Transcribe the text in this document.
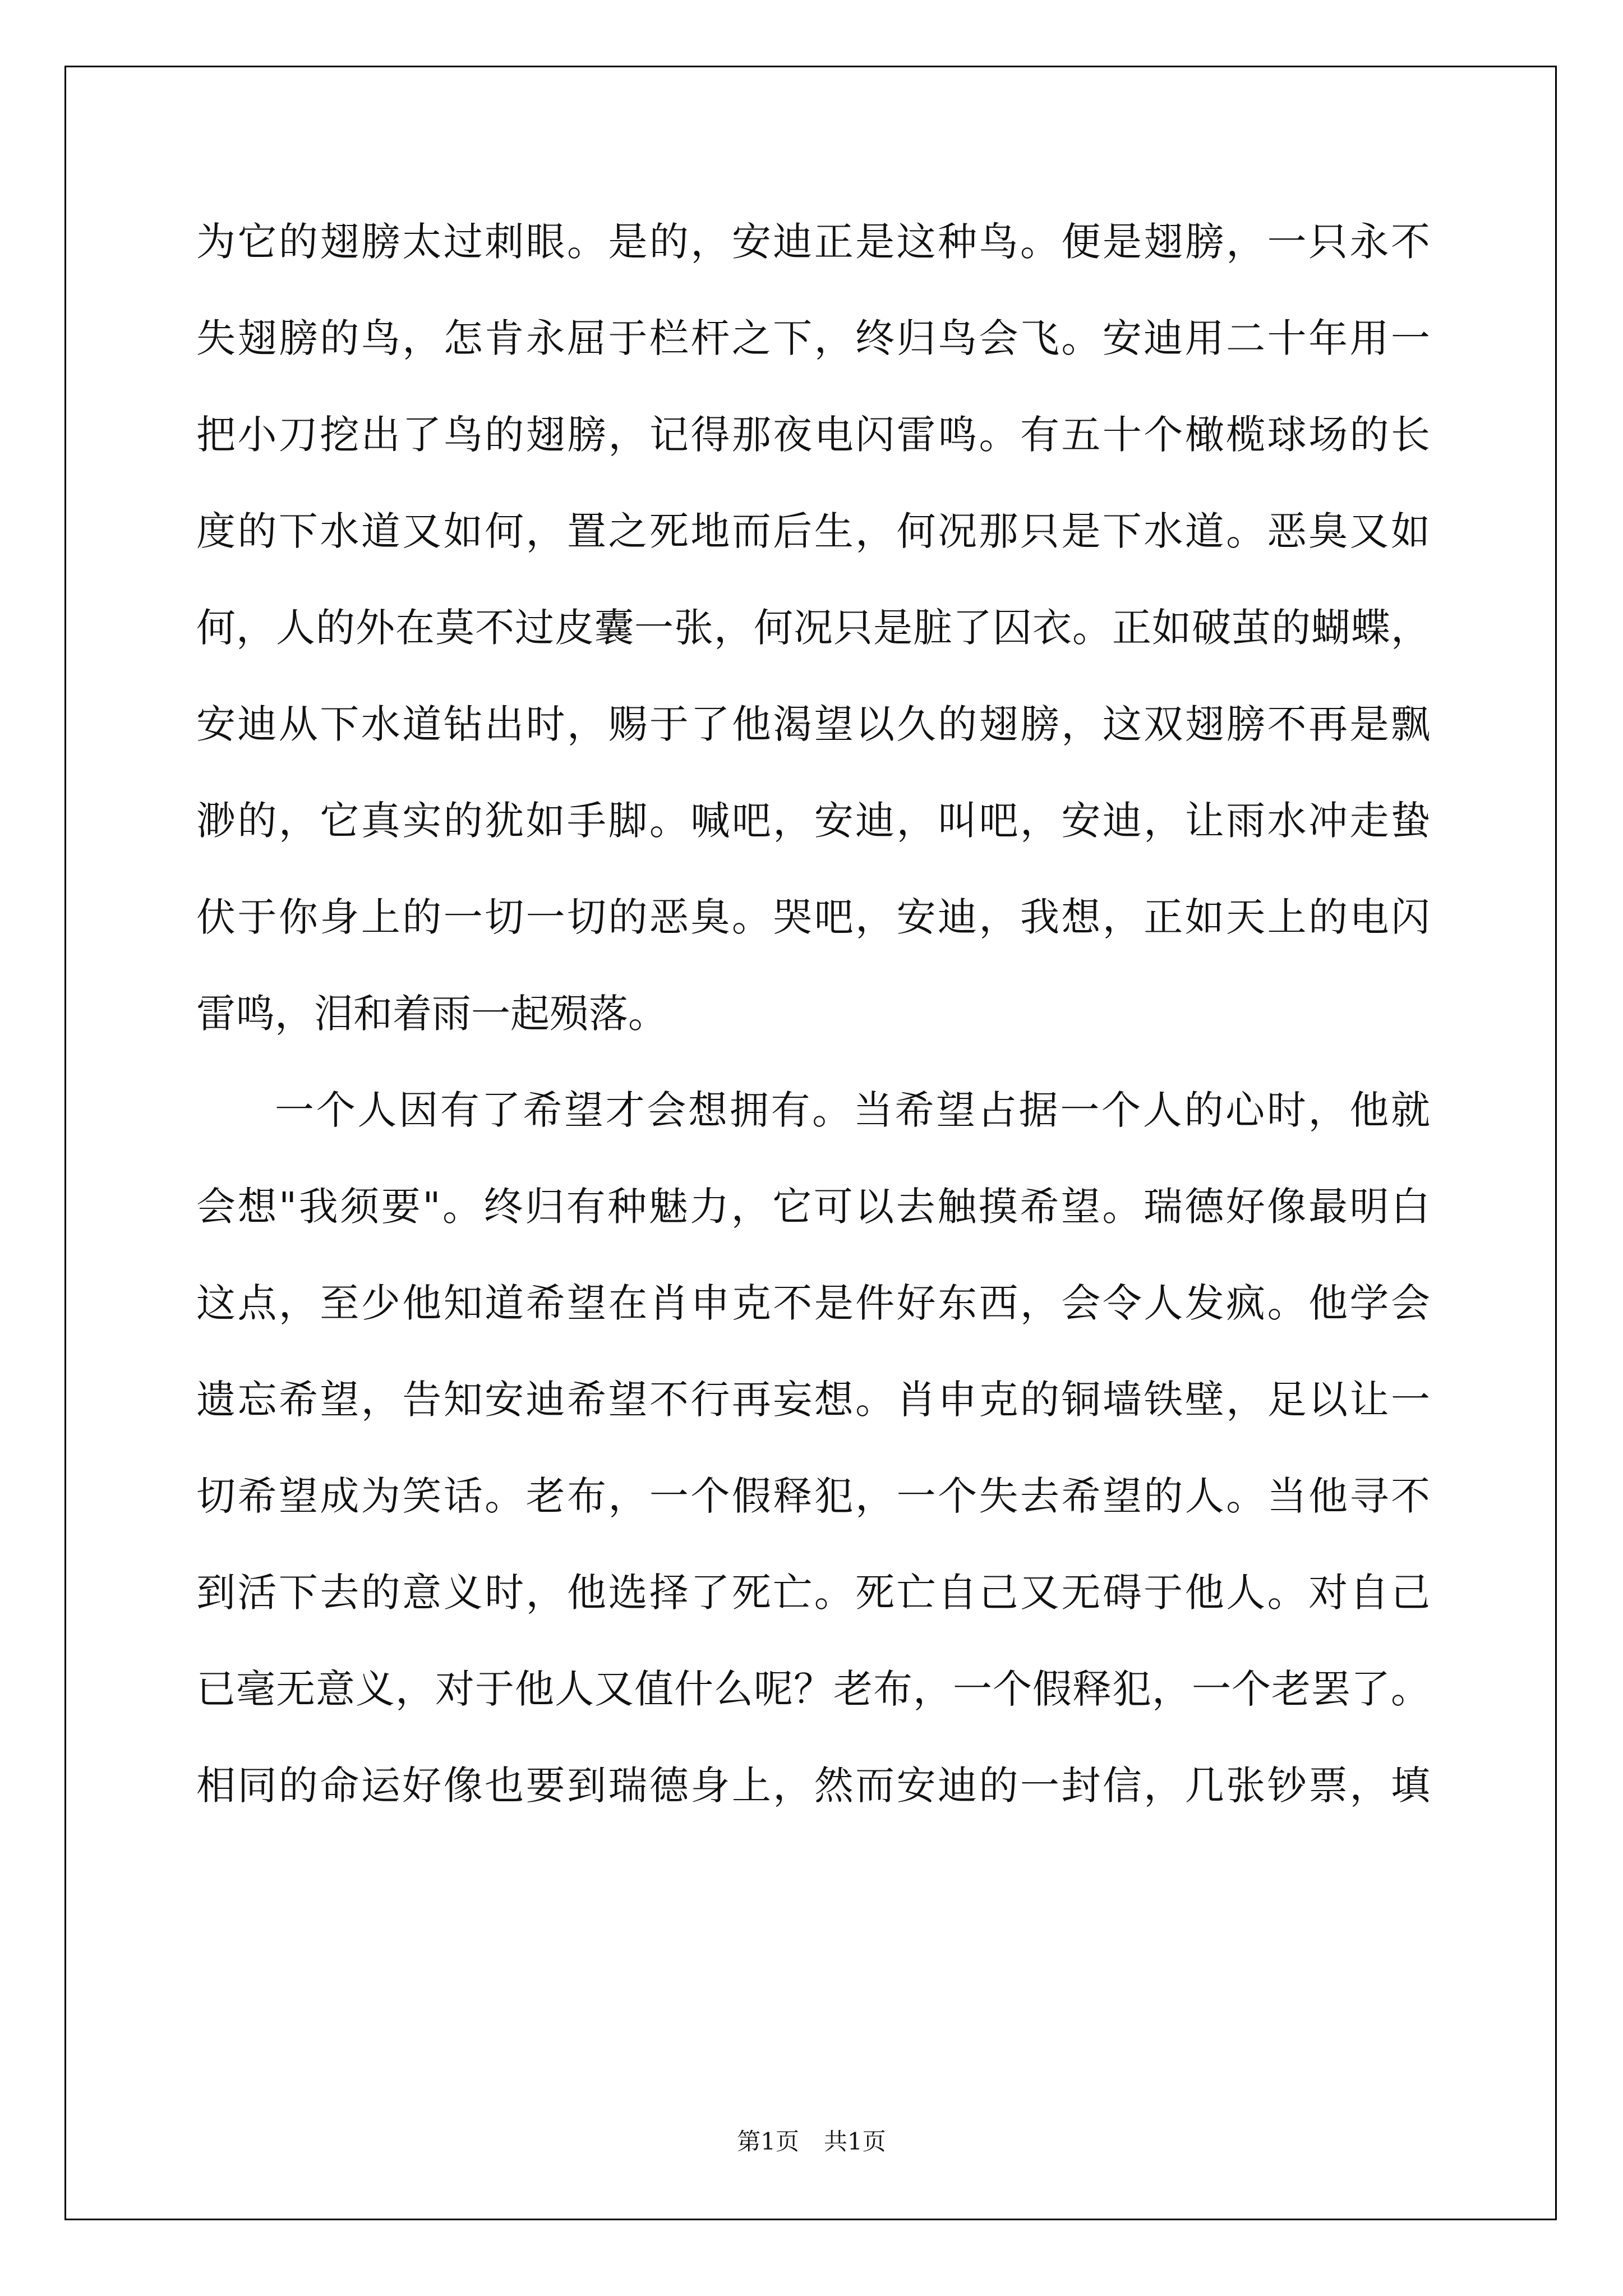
为它的翅膀太过刺眼。是的，安迪正是这种鸟。便是翅膀，一只永不
失翅膀的鸟，怎肯永屈于栏杆之下，终归鸟会飞。安迪用二十年用一
把小刀挖出了鸟的翅膀，记得那夜电闪雷鸣。有五十个橄榄球场的长
度的下水道又如何，置之死地而后生，何况那只是下水道。恶臭又如
何，人的外在莫不过皮囊一张，何况只是脏了囚衣。正如破茧的蝴蝶，
安迪从下水道钻出时，赐于了他渴望以久的翅膀，这双翅膀不再是飘
渺的，它真实的犹如手脚。喊吧，安迪，叫吧，安迪，让雨水冲走蛰
伏于你身上的一切一切的恶臭。哭吧，安迪，我想，正如天上的电闪
雷鸣，泪和着雨一起殒落。
一个人因有了希望才会想拥有。当希望占据一个人的心时，他就
会想"我须要"。终归有种魅力，它可以去触摸希望。瑞德好像最明白
这点，至少他知道希望在肖申克不是件好东西，会令人发疯。他学会
遗忘希望，告知安迪希望不行再妄想。肖申克的铜墙铁壁，足以让一
切希望成为笑话。老布，一个假释犯，一个失去希望的人。当他寻不
到活下去的意义时，他选择了死亡。死亡自己又无碍于他人。对自己
已毫无意义，对于他人又值什么呢？老布，一个假释犯，一个老罢了。
相同的命运好像也要到瑞德身上，然而安迪的一封信，几张钞票，填
第1页 共1页
